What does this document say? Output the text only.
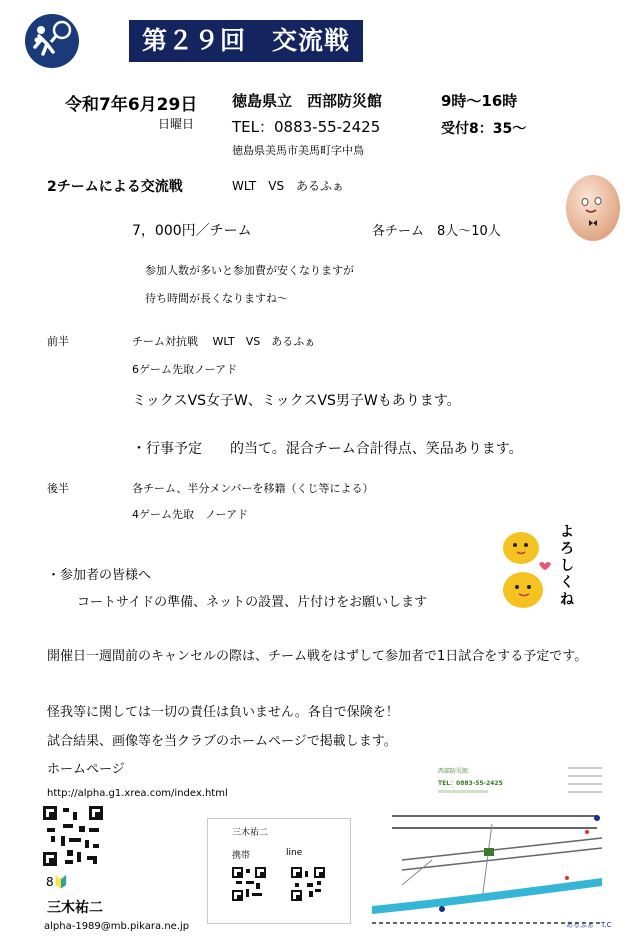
第２９回　交流戦
令和7年6月29日
日曜日
徳島県立　西部防災館	9時～16時
TEL：0883-55-2425	受付8：35～
徳島県美馬市美馬町字中鳥
2チームによる交流戦	WLT　VS　あるふぁ
7，000円／チーム	各チーム　8人～10人
参加人数が多いと参加費が安くなりますが
待ち時間が長くなりますね～
前半	チーム対抗戦　 WLT　VS　あるふぁ
6ゲーム先取ノーアド
ミックスVS女子W、ミックスVS男子Wもあります。
・行事予定　　的当て。混合チーム合計得点、笑品あります。
後半	各チーム、半分メンバーを移籍（くじ等による）
4ゲーム先取　ノーアド
・参加者の皆様へ
コートサイドの準備、ネットの設置、片付けをお願いします
よろしくね
開催日一週間前のキャンセルの際は、チーム戦をはずして参加者で1日試合をする予定です。
怪我等に関しては一切の責任は負いません。各自で保険を！
試合結果、画像等を当クラブのホームページで掲載します。
ホームページ
http://alpha.g1.xrea.com/index.html
8🔰
三木祐二
alpha-1989@mb.pikara.ne.jp
三木祐二
携帯	line
西部防災館
TEL：0883-55-2425
あるふぁ　T.C
